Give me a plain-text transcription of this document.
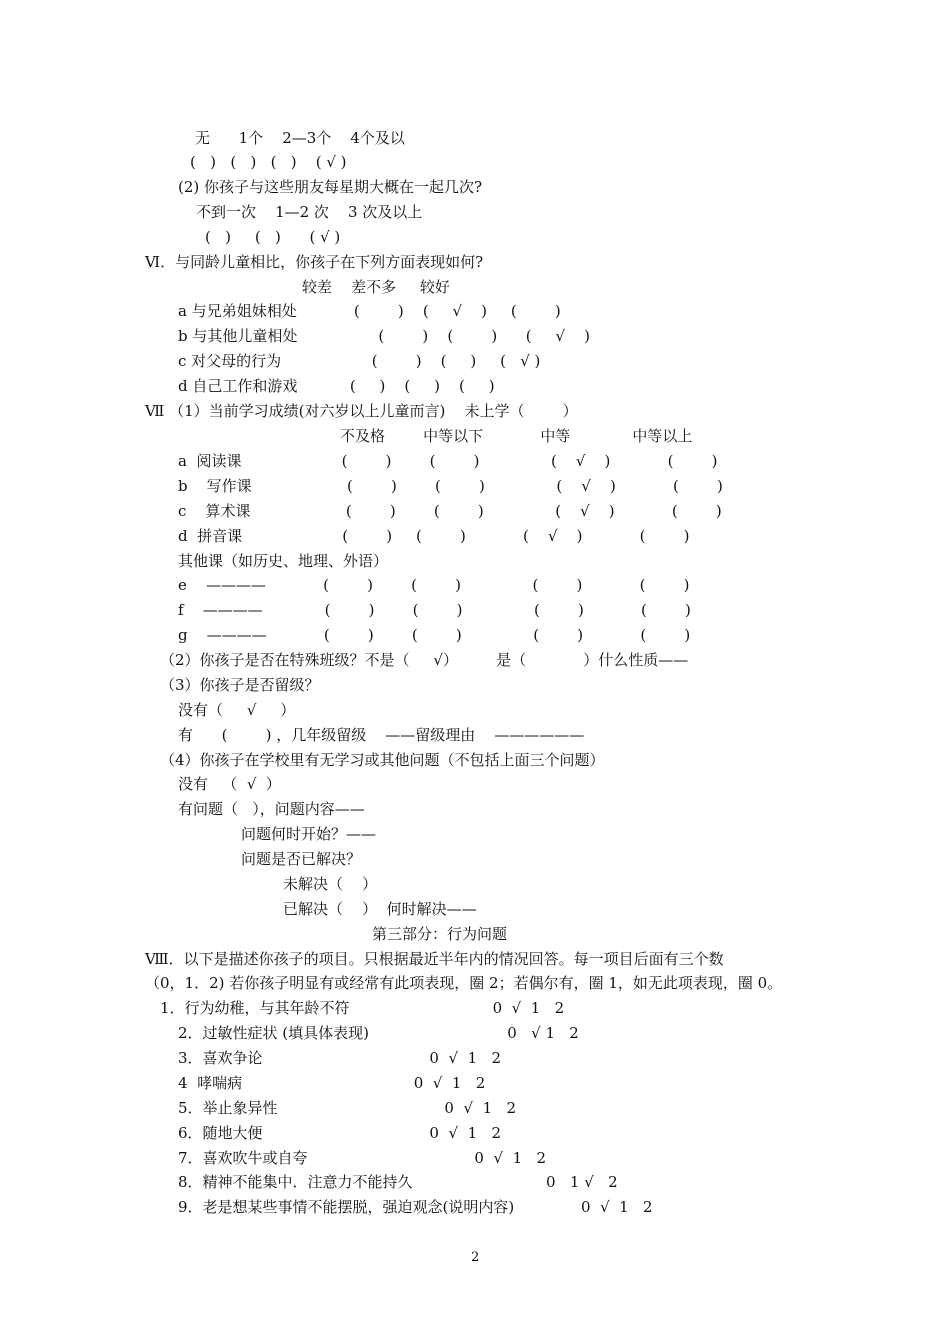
无      1个    2—3个    4个及以
(   )   (   )   (   )    ( √ )
(2) 你孩子与这些朋友每星期大概在一起几次?
不到一次    1—2 次    3 次及以上
(   )     (   )      ( √ )
Ⅵ．与同龄儿童相比，你孩子在下列方面表现如何?
较差    差不多     较好
a 与兄弟姐妹相处            (        )    (     √    )     (        )
b 与其他儿童相处                 (        )    (        )      (     √    )
c 对父母的行为                   (        )    (     )     (   √ )
d 自己工作和游戏           (     )    (     )    (     )
Ⅶ （1）当前学习成绩(对六岁以上儿童而言)    未上学（        ）
不及格        中等以下            中等             中等以上
a  阅读课                     (        )        (        )               (    √    )            (        )
b    写作课                    (        )        (        )               (    √    )            (        )
c    算术课                    (        )        (        )               (    √    )            (        )
d  拼音课                     (        )     (        )            (    √    )            (        )
其他课（如历史、地理、外语）
e    ————            (        )        (        )               (        )            (        )
f    ————             (        )        (        )               (        )            (        )
g    ————            (        )        (        )               (        )            (        )
（2）你孩子是否在特殊班级？不是（     √）        是（            ）什么性质——
（3）你孩子是否留级？
没有（     √     ）
有      (        ) ，几年级留级    ——留级理由    ——————
（4）你孩子在学校里有无学习或其他问题（不包括上面三个问题）
没有   （  √  ）
有问题（   ），问题内容——
问题何时开始？——
问题是否已解决？
未解决（    ）
已解决（    ）  何时解决——
第三部分：行为问题
Ⅷ．以下是描述你孩子的项目。只根据最近半年内的情况回答。每一项目后面有三个数
（0，1．2) 若你孩子明显有或经常有此项表现，圈 2；若偶尔有，圈 1，如无此项表现，圈 0。
1．行为幼稚，与其年龄不符                              0  √  1   2
2．过敏性症状 (填具体表现)                             0   √ 1   2
3．喜欢争论                                   0  √  1   2
4  哮喘病                                    0  √  1   2
5．举止象异性                                   0  √  1   2
6．随地大便                                   0  √  1   2
7．喜欢吹牛或自夸                                   0  √  1   2
8．精神不能集中．注意力不能持久                            0   1 √   2
9．老是想某些事情不能摆脱，强迫观念(说明内容)              0  √  1   2
2
